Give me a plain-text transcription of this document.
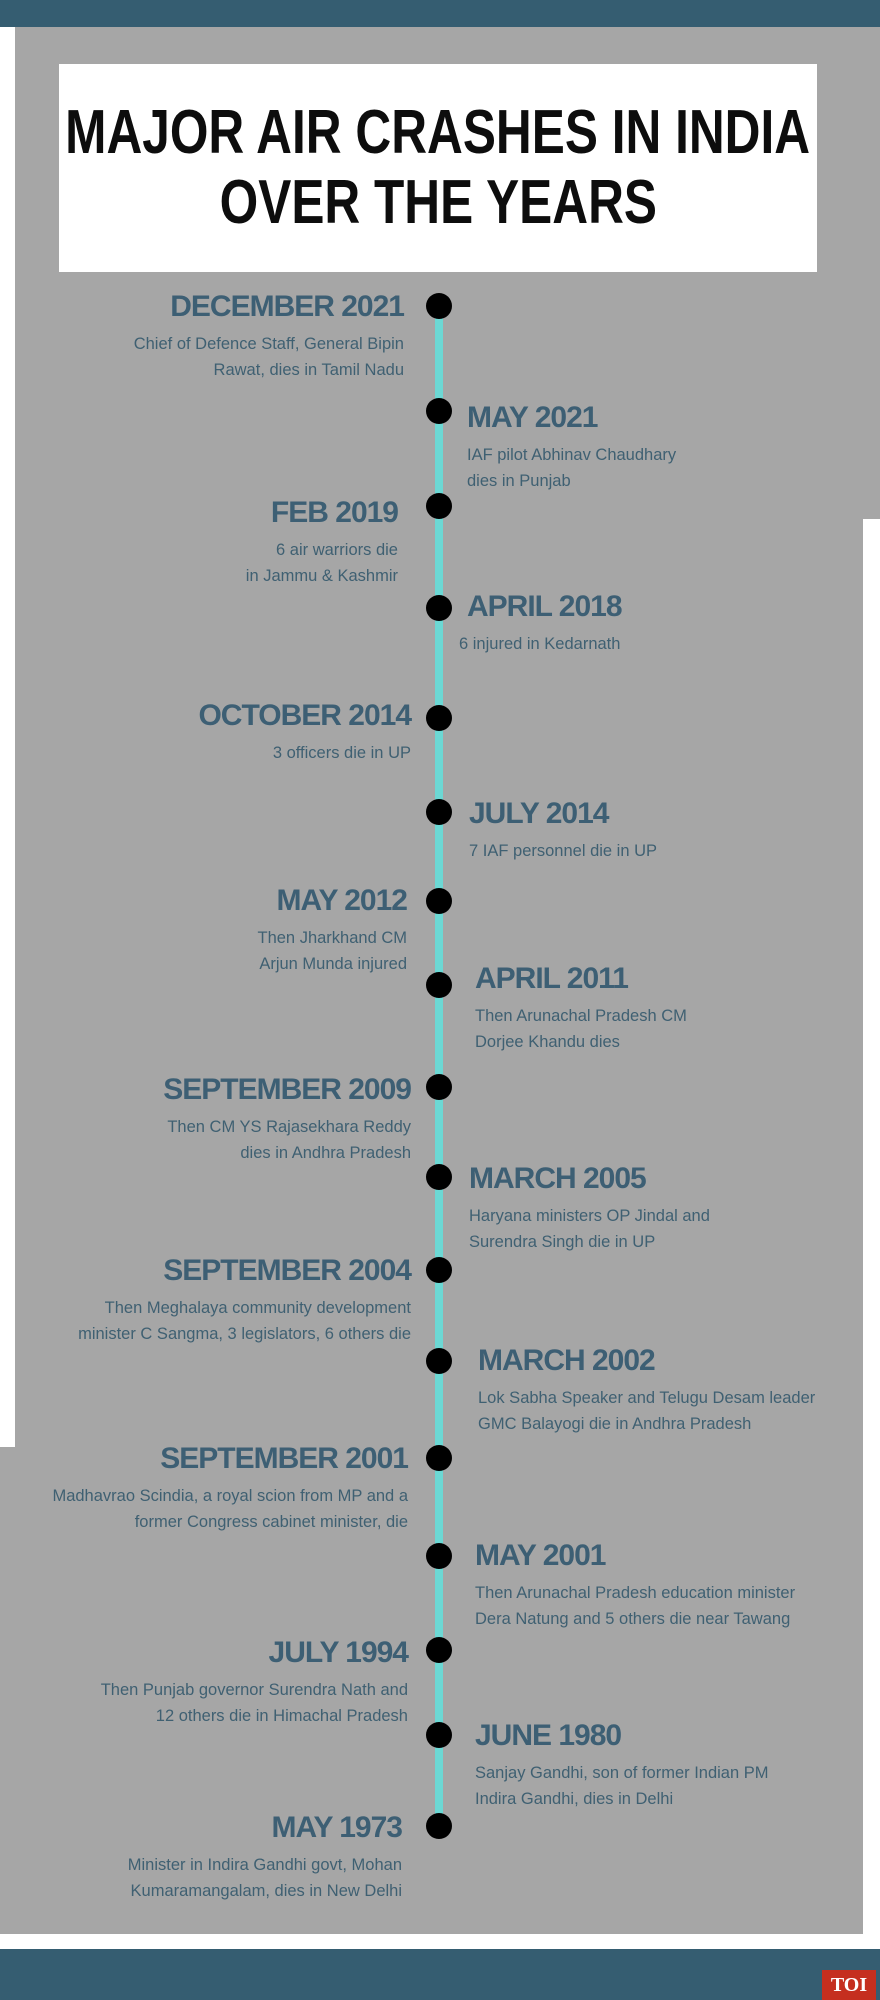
MAJOR AIR CRASHES IN INDIA
OVER THE YEARS
DECEMBER 2021
Chief of Defence Staff, General Bipin
Rawat, dies in Tamil Nadu
MAY 2021
IAF pilot Abhinav Chaudhary
dies in Punjab
FEB 2019
6 air warriors die
in Jammu & Kashmir
APRIL 2018
6 injured in Kedarnath
OCTOBER 2014
3 officers die in UP
JULY 2014
7 IAF personnel die in UP
MAY 2012
Then Jharkhand CM
Arjun Munda injured APRIL 2011
Then Arunachal Pradesh CM
Dorjee Khandu dies
SEPTEMBER 2009
Then CM YS Rajasekhara Reddy
dies in Andhra Pradesh
MARCH 2005
Haryana ministers OP Jindal and
Surendra Singh die in UP
SEPTEMBER 2004
Then Meghalaya community development
minister C Sangma, 3 legislators, 6 others die
MARCH 2002
Lok Sabha Speaker and Telugu Desam leader
GMC Balayogi die in Andhra Pradesh
SEPTEMBER 2001
Madhavrao Scindia, a royal scion from MP and a
former Congress cabinet minister, die
MAY 2001
Then Arunachal Pradesh education minister
Dera Natung and 5 others die near Tawang
JULY 1994
Then Punjab governor Surendra Nath and
12 others die in Himachal Pradesh
JUNE 1980
Sanjay Gandhi, son of former Indian PM
Indira Gandhi, dies in Delhi
MAY 1973
Minister in Indira Gandhi govt, Mohan
Kumaramangalam, dies in New Delhi
TOI
